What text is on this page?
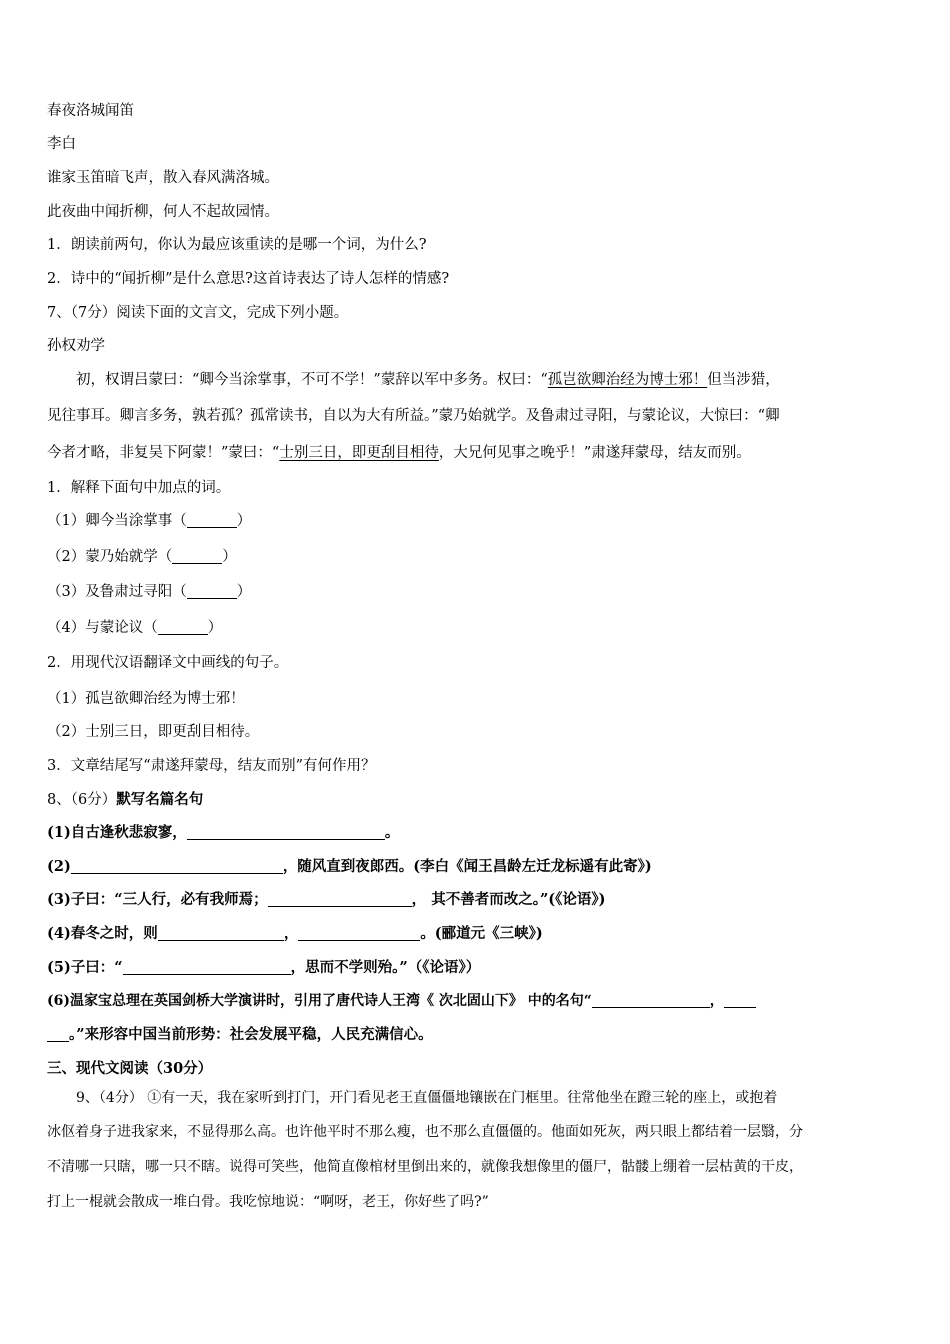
春夜洛城闻笛
李白
谁家玉笛暗飞声，散入春风满洛城。
此夜曲中闻折柳，何人不起故园情。
1．朗读前两句，你认为最应该重读的是哪一个词，为什么?
2．诗中的“闻折柳”是什么意思?这首诗表达了诗人怎样的情感?
7、（7分）阅读下面的文言文，完成下列小题。
孙权劝学
初，权谓吕蒙曰：“卿今当涂掌事，不可不学！”蒙辞以军中多务。权曰：“孤岂欲卿治经为博士邪！但当涉猎，
见往事耳。卿言多务，孰若孤？孤常读书，自以为大有所益。”蒙乃始就学。及鲁肃过寻阳，与蒙论议，大惊曰：“卿
今者才略，非复吴下阿蒙！”蒙曰：“士别三日，即更刮目相待，大兄何见事之晚乎！”肃遂拜蒙母，结友而别。
1．解释下面句中加点的词。
（1）卿今当涂掌事（	）
（2）蒙乃始就学（	）
（3）及鲁肃过寻阳（	）
（4）与蒙论议（	）
2．用现代汉语翻译文中画线的句子。
（1）孤岂欲卿治经为博士邪！
（2）士别三日，即更刮目相待。
3．文章结尾写“肃遂拜蒙母，结友而别”有何作用？
8、（6分）默写名篇名句
(1)自古逢秋悲寂寥，	。
(2)	，随风直到夜郎西。(李白《闻王昌龄左迁龙标遥有此寄》)
(3)子曰：“三人行，必有我师焉；	， 其不善者而改之。”(《论语》)
(4)春冬之时，则	，	。(郦道元《三峡》)
(5)子曰：“	，思而不学则殆。”（《论语》）
(6)温家宝总理在英国剑桥大学演讲时，引用了唐代诗人王湾《 次北固山下》 中的名句“	，
。”来形容中国当前形势：社会发展平稳，人民充满信心。
三、现代文阅读（30分）
9、（4分） ①有一天，我在家听到打门，开门看见老王直僵僵地镶嵌在门框里。往常他坐在蹬三轮的座上，或抱着
冰伛着身子进我家来，不显得那么高。也许他平时不那么瘦，也不那么直僵僵的。他面如死灰，两只眼上都结着一层翳，分
不清哪一只瞎，哪一只不瞎。说得可笑些，他简直像棺材里倒出来的，就像我想像里的僵尸，骷髅上绷着一层枯黄的干皮，
打上一棍就会散成一堆白骨。我吃惊地说：“啊呀，老王，你好些了吗?”
